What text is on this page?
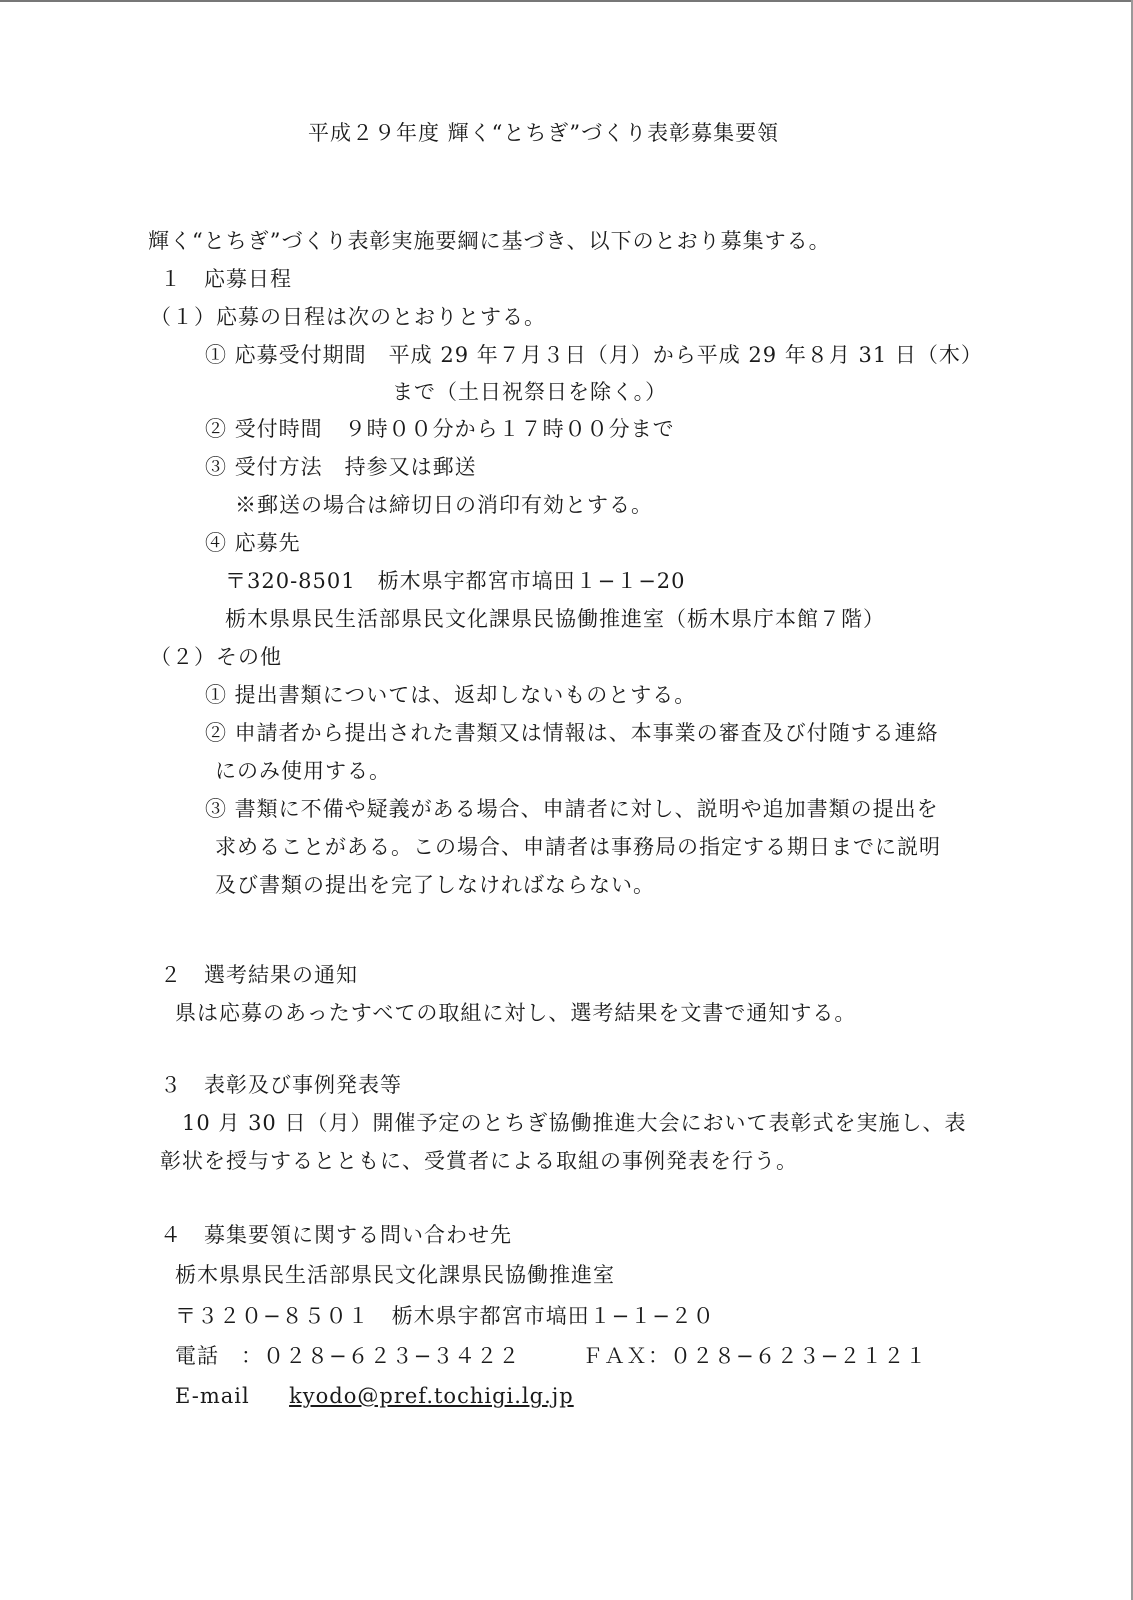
平成２９年度 輝く“とちぎ”づくり表彰募集要領
輝く“とちぎ”づくり表彰実施要綱に基づき、以下のとおり募集する。
１　応募日程
（１）応募の日程は次のとおりとする。
① 応募受付期間　平成 29 年７月３日（月）から平成 29 年８月 31 日（木）
まで（土日祝祭日を除く。）
② 受付時間　９時００分から１７時００分まで
③ 受付方法　持参又は郵送
※郵送の場合は締切日の消印有効とする。
④ 応募先
〒320-8501　栃木県宇都宮市塙田１−１−20
栃木県県民生活部県民文化課県民協働推進室（栃木県庁本館７階）
（２）その他
① 提出書類については、返却しないものとする。
② 申請者から提出された書類又は情報は、本事業の審査及び付随する連絡
にのみ使用する。
③ 書類に不備や疑義がある場合、申請者に対し、説明や追加書類の提出を
求めることがある。この場合、申請者は事務局の指定する期日までに説明
及び書類の提出を完了しなければならない。
２　選考結果の通知
県は応募のあったすべての取組に対し、選考結果を文書で通知する。
３　表彰及び事例発表等
10 月 30 日（月）開催予定のとちぎ協働推進大会において表彰式を実施し、表
彰状を授与するとともに、受賞者による取組の事例発表を行う。
４　募集要領に関する問い合わせ先
栃木県県民生活部県民文化課県民協働推進室
〒３２０−８５０１　栃木県宇都宮市塙田１−１−２０
電話　：０２８−６２３−３４２２	ＦＡＸ：０２８−６２３−２１２１
E-mail kyodo@pref.tochigi.lg.jp
